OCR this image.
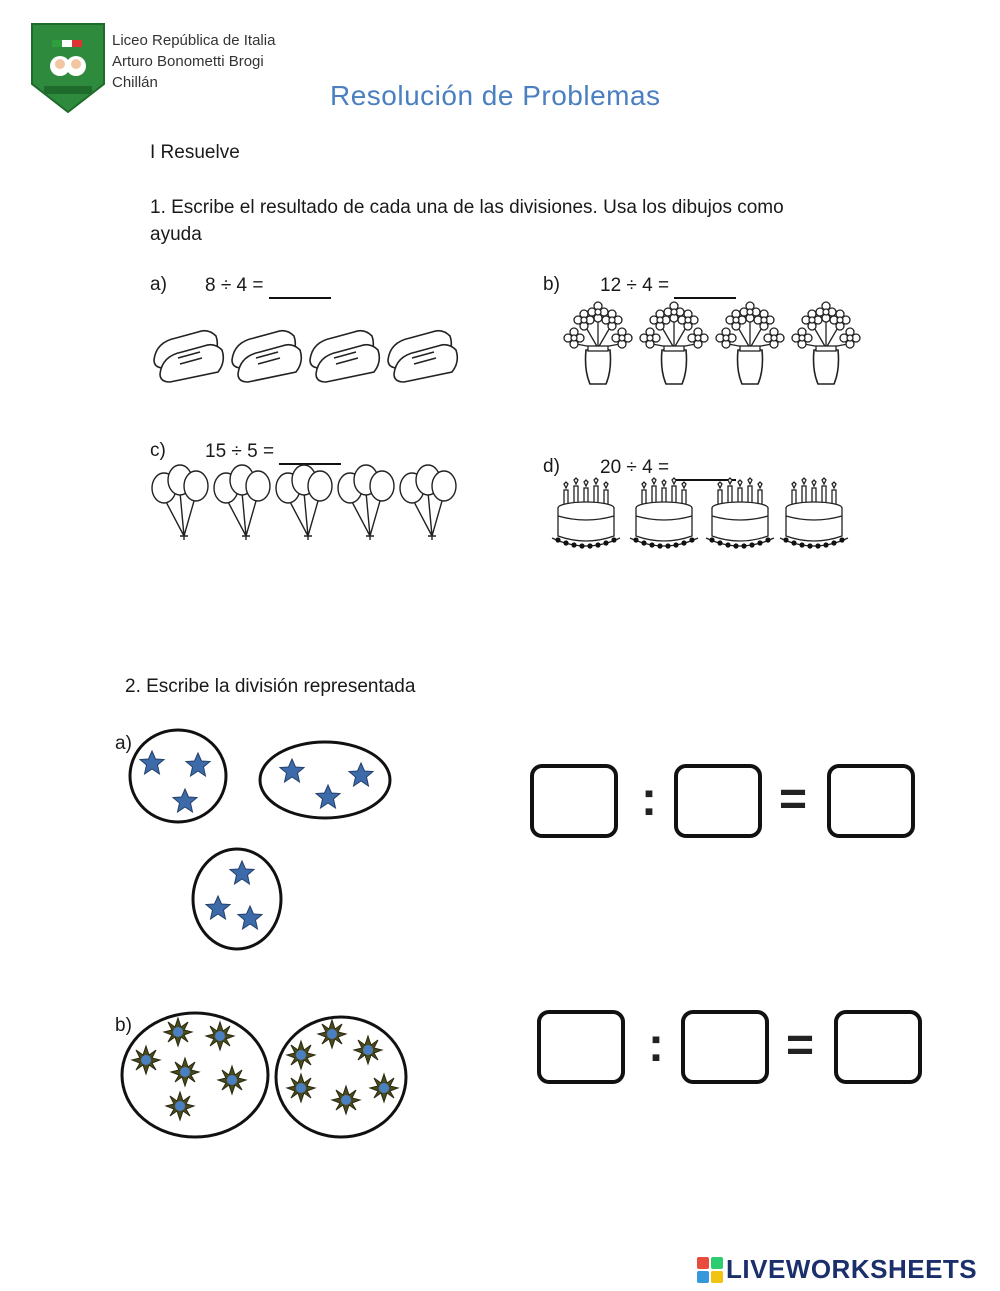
Liceo República de Italia
Arturo Bonometti Brogi
Chillán	Resolución de Problemas
I Resuelve
1. Escribe el resultado de cada una de las divisiones. Usa los dibujos como
ayuda
a) 8 ÷ 4 =	b) 12 ÷ 4 =
c) 15 ÷ 5 =
d) 20 ÷ 4 =
2. Escribe la división representada
a)
:	=
b)	:	=
LIVEWORKSHEETS
